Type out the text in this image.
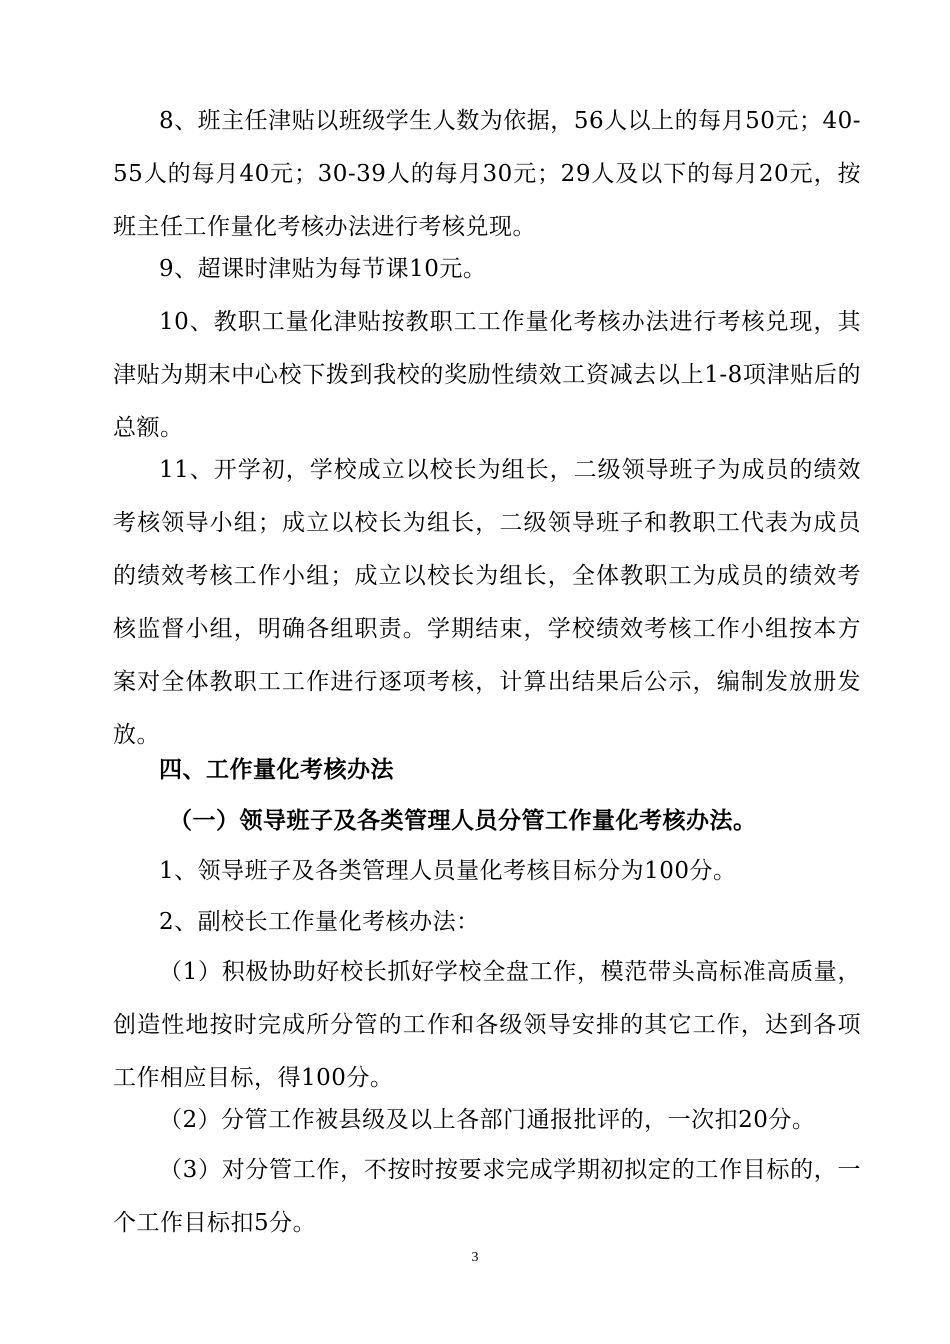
8、班主任津贴以班级学生人数为依据，56人以上的每月50元；40-55人的每月40元；30-39人的每月30元；29人及以下的每月20元，按班主任工作量化考核办法进行考核兑现。

9、超课时津贴为每节课10元。

10、教职工量化津贴按教职工工作量化考核办法进行考核兑现，其津贴为期末中心校下拨到我校的奖励性绩效工资减去以上1-8项津贴后的总额。

11、开学初，学校成立以校长为组长，二级领导班子为成员的绩效考核领导小组；成立以校长为组长，二级领导班子和教职工代表为成员的绩效考核工作小组；成立以校长为组长，全体教职工为成员的绩效考核监督小组，明确各组职责。学期结束，学校绩效考核工作小组按本方案对全体教职工工作进行逐项考核，计算出结果后公示，编制发放册发放。

四、工作量化考核办法

（一）领导班子及各类管理人员分管工作量化考核办法。

1、领导班子及各类管理人员量化考核目标分为100分。

2、副校长工作量化考核办法：

（1）积极协助好校长抓好学校全盘工作，模范带头高标准高质量，创造性地按时完成所分管的工作和各级领导安排的其它工作，达到各项工作相应目标，得100分。

（2）分管工作被县级及以上各部门通报批评的，一次扣20分。

（3）对分管工作，不按时按要求完成学期初拟定的工作目标的，一个工作目标扣5分。

3
